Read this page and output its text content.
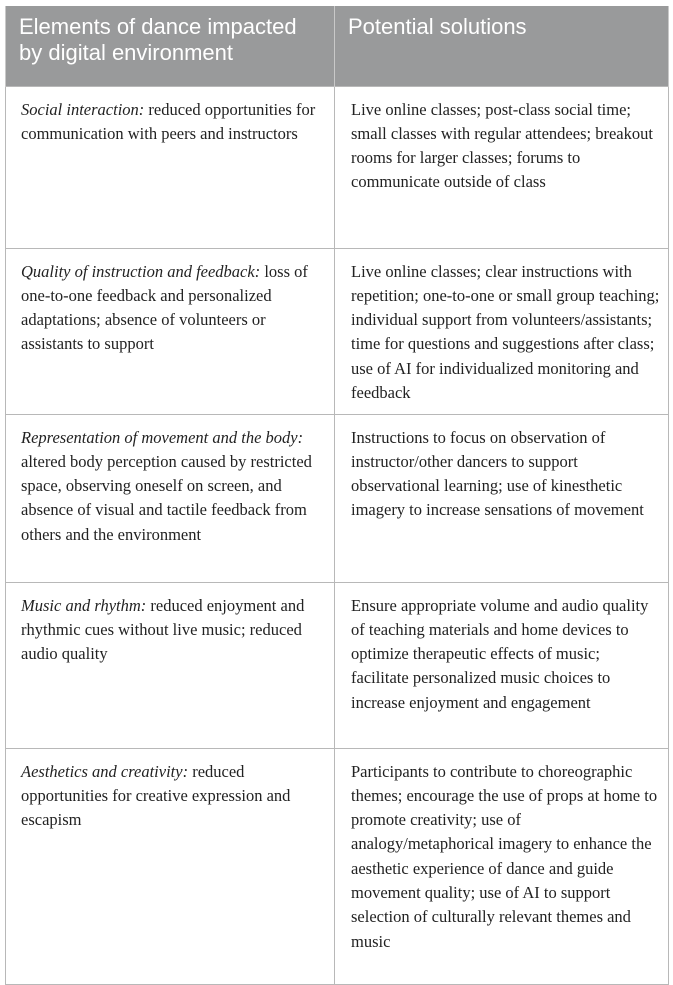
Elements of dance impacted by digital environment	Potential solutions
Social interaction: reduced opportunities for communication with peers and instructors	Live online classes; post-class social time; small classes with regular attendees; breakout rooms for larger classes; forums to communicate outside of class
Quality of instruction and feedback: loss of one-to-one feedback and personalized adaptations; absence of volunteers or assistants to support	Live online classes; clear instructions with repetition; one-to-one or small group teaching; individual support from volunteers/assistants; time for questions and suggestions after class; use of AI for individualized monitoring and feedback
Representation of movement and the body: altered body perception caused by restricted space, observing oneself on screen, and absence of visual and tactile feedback from others and the environment	Instructions to focus on observation of instructor/other dancers to support observational learning; use of kinesthetic imagery to increase sensations of movement
Music and rhythm: reduced enjoyment and rhythmic cues without live music; reduced audio quality	Ensure appropriate volume and audio quality of teaching materials and home devices to optimize therapeutic effects of music; facilitate personalized music choices to increase enjoyment and engagement
Aesthetics and creativity: reduced opportunities for creative expression and escapism	Participants to contribute to choreographic themes; encourage the use of props at home to promote creativity; use of analogy/metaphorical imagery to enhance the aesthetic experience of dance and guide movement quality; use of AI to support selection of culturally relevant themes and music
